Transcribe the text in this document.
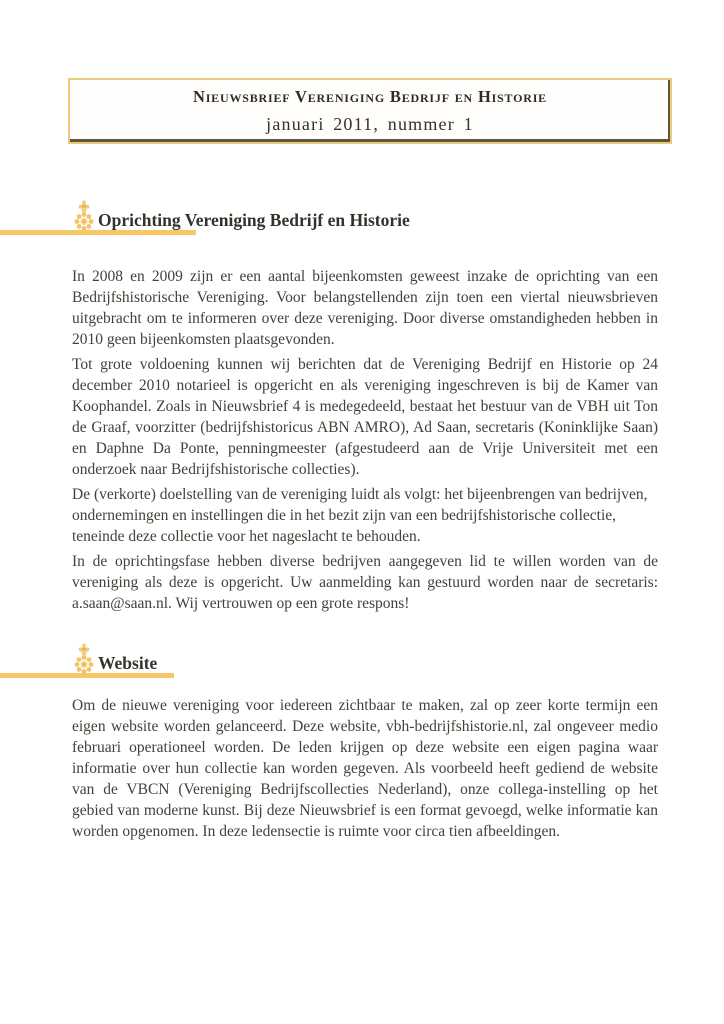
Nieuwsbrief Vereniging Bedrijf en Historie
januari 2011, nummer 1
Oprichting Vereniging Bedrijf en Historie

In 2008 en 2009 zijn er een aantal bijeenkomsten geweest inzake de oprichting van een Bedrijfshistorische Vereniging. Voor belangstellenden zijn toen een viertal nieuwsbrieven uitgebracht om te informeren over deze vereniging. Door diverse omstandigheden hebben in 2010 geen bijeenkomsten plaatsgevonden.

Tot grote voldoening kunnen wij berichten dat de Vereniging Bedrijf en Historie op 24 december 2010 notarieel is opgericht en als vereniging ingeschreven is bij de Kamer van Koophandel. Zoals in Nieuwsbrief 4 is medegedeeld, bestaat het bestuur van de VBH uit Ton de Graaf, voorzitter (bedrijfshistoricus ABN AMRO), Ad Saan, secretaris (Koninklijke Saan) en Daphne Da Ponte, penningmeester (afgestudeerd aan de Vrije Universiteit met een onderzoek naar Bedrijfshistorische collecties).

De (verkorte) doelstelling van de vereniging luidt als volgt: het bijeenbrengen van bedrijven, ondernemingen en instellingen die in het bezit zijn van een bedrijfshistorische collectie, teneinde deze collectie voor het nageslacht te behouden.

In de oprichtingsfase hebben diverse bedrijven aangegeven lid te willen worden van de vereniging als deze is opgericht. Uw aanmelding kan gestuurd worden naar de secretaris: a.saan@saan.nl. Wij vertrouwen op een grote respons!

Website

Om de nieuwe vereniging voor iedereen zichtbaar te maken, zal op zeer korte termijn een eigen website worden gelanceerd. Deze website, vbh-bedrijfshistorie.nl, zal ongeveer medio februari operationeel worden. De leden krijgen op deze website een eigen pagina waar informatie over hun collectie kan worden gegeven. Als voorbeeld heeft gediend de website van de VBCN (Vereniging Bedrijfscollecties Nederland), onze collega-instelling op het gebied van moderne kunst. Bij deze Nieuwsbrief is een format gevoegd, welke informatie kan worden opgenomen. In deze ledensectie is ruimte voor circa tien afbeeldingen.
